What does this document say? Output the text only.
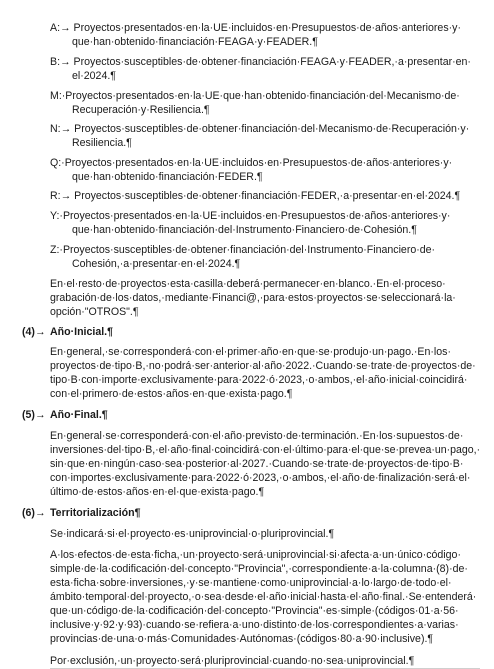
A:→ Proyectos·presentados·en·la·UE·incluidos·en·Presupuestos·de·años·anteriores·y·
que·han·obtenido·financiación·FEAGA·y·FEADER.¶
B:→ Proyectos·susceptibles·de·obtener·financiación·FEAGA·y·FEADER,·a·presentar·en·
el·2024.¶
M:·Proyectos·presentados·en·la·UE·que·han·obtenido·financiación·del·Mecanismo·de·
Recuperación·y·Resiliencia.¶
N:→ Proyectos·susceptibles·de·obtener·financiación·del·Mecanismo·de·Recuperación·y·
Resiliencia.¶
Q:·Proyectos·presentados·en·la·UE·incluidos·en·Presupuestos·de·años·anteriores·y·
que·han·obtenido·financiación·FEDER.¶
R:→ Proyectos·susceptibles·de·obtener·financiación·FEDER,·a·presentar·en·el·2024.¶
Y:·Proyectos·presentados·en·la·UE·incluidos·en·Presupuestos·de·años·anteriores·y·
que·han·obtenido·financiación·del·Instrumento·Financiero·de·Cohesión.¶
Z:·Proyectos·susceptibles·de·obtener·financiación·del·Instrumento·Financiero·de·
Cohesión,·a·presentar·en·el·2024.¶
En·el·resto·de·proyectos·esta·casilla·deberá·permanecer·en·blanco.·En·el·proceso·
grabación·de·los·datos,·mediante·Financi@,·para·estos·proyectos·se·seleccionará·la·
opción·"OTROS".¶
(4)→ Año·Inicial.¶
En·general,·se·corresponderá·con·el·primer·año·en·que·se·produjo·un·pago.·En·los·
proyectos·de·tipo·B,·no·podrá·ser·anterior·al·año·2022.·Cuando·se·trate·de·proyectos·de·
tipo·B·con·importe·exclusivamente·para·2022·ó·2023,·o·ambos,·el·año·inicial·coincidirá·
con·el·primero·de·estos·años·en·que·exista·pago.¶
(5)→ Año·Final.¶
En·general·se·corresponderá·con·el·año·previsto·de·terminación.·En·los·supuestos·de·
inversiones·del·tipo·B,·el·año·final·coincidirá·con·el·último·para·el·que·se·prevea·un·pago,·
sin·que·en·ningún·caso·sea·posterior·al·2027.·Cuando·se·trate·de·proyectos·de·tipo·B·
con·importes·exclusivamente·para·2022·ó·2023,·o·ambos,·el·año·de·finalización·será·el·
último·de·estos·años·en·el·que·exista·pago.¶
(6)→ Territorialización¶
Se·indicará·si·el·proyecto·es·uniprovincial·o·pluriprovincial.¶
A·los·efectos·de·esta·ficha,·un·proyecto·será·uniprovincial·si·afecta·a·un·único·código·
simple·de·la·codificación·del·concepto·"Provincia",·correspondiente·a·la·columna·(8)·de·
esta·ficha·sobre·inversiones,·y·se·mantiene·como·uniprovincial·a·lo·largo·de·todo·el·
ámbito·temporal·del·proyecto,·o·sea·desde·el·año·inicial·hasta·el·año·final.·Se·entenderá·
que·un·código·de·la·codificación·del·concepto·"Provincia"·es·simple·(códigos·01·a·56·
inclusive·y·92·y·93)·cuando·se·refiera·a·uno·distinto·de·los·correspondientes·a·varias·
provincias·de·una·o·más·Comunidades·Autónomas·(códigos·80·a·90·inclusive).¶
Por·exclusión,·un·proyecto·será·pluriprovincial·cuando·no·sea·uniprovincial.¶
